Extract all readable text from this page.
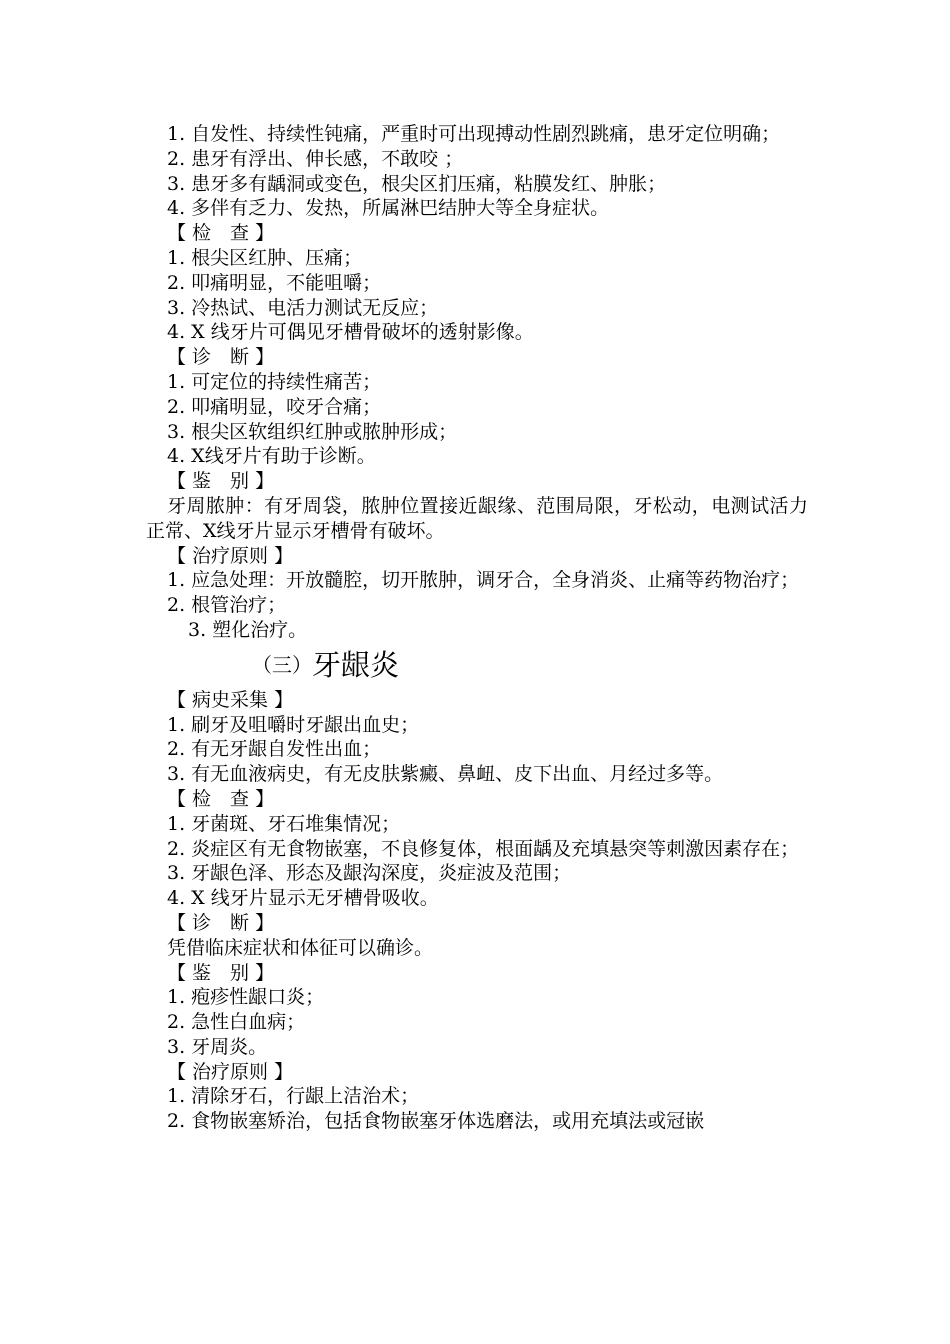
1. 自发性、持续性钝痛，严重时可出现搏动性剧烈跳痛，患牙定位明确；
2. 患牙有浮出、伸长感，不敢咬 ；
3. 患牙多有龋洞或变色，根尖区扪压痛，粘膜发红、肿胀；
4. 多伴有乏力、发热，所属淋巴结肿大等全身症状。
【 检　查 】
1. 根尖区红肿、压痛；
2. 叩痛明显，不能咀嚼；
3. 冷热试、电活力测试无反应；
4. X 线牙片可偶见牙槽骨破坏的透射影像。
【 诊　断 】
1. 可定位的持续性痛苦；
2. 叩痛明显，咬牙合痛；
3. 根尖区软组织红肿或脓肿形成；
4. X线牙片有助于诊断。
【 鉴　别 】
牙周脓肿：有牙周袋，脓肿位置接近龈缘、范围局限，牙松动，电测试活力正常、X线牙片显示牙槽骨有破坏。
【 治疗原则 】
1. 应急处理：开放髓腔，切开脓肿，调牙合，全身消炎、止痛等药物治疗；
2. 根管治疗；
3. 塑化治疗。
（三）牙龈炎
【 病史采集 】
1. 刷牙及咀嚼时牙龈出血史；
2. 有无牙龈自发性出血；
3. 有无血液病史，有无皮肤紫癜、鼻衄、皮下出血、月经过多等。
【 检　查 】
1. 牙菌斑、牙石堆集情况；
2. 炎症区有无食物嵌塞，不良修复体，根面龋及充填悬突等刺激因素存在；
3. 牙龈色泽、形态及龈沟深度，炎症波及范围；
4. X 线牙片显示无牙槽骨吸收。
【 诊　断 】
凭借临床症状和体征可以确诊。
【 鉴　别 】
1. 疱疹性龈口炎；
2. 急性白血病；
3. 牙周炎。
【 治疗原则 】
1. 清除牙石，行龈上洁治术；
2. 食物嵌塞矫治，包括食物嵌塞牙体选磨法，或用充填法或冠嵌
